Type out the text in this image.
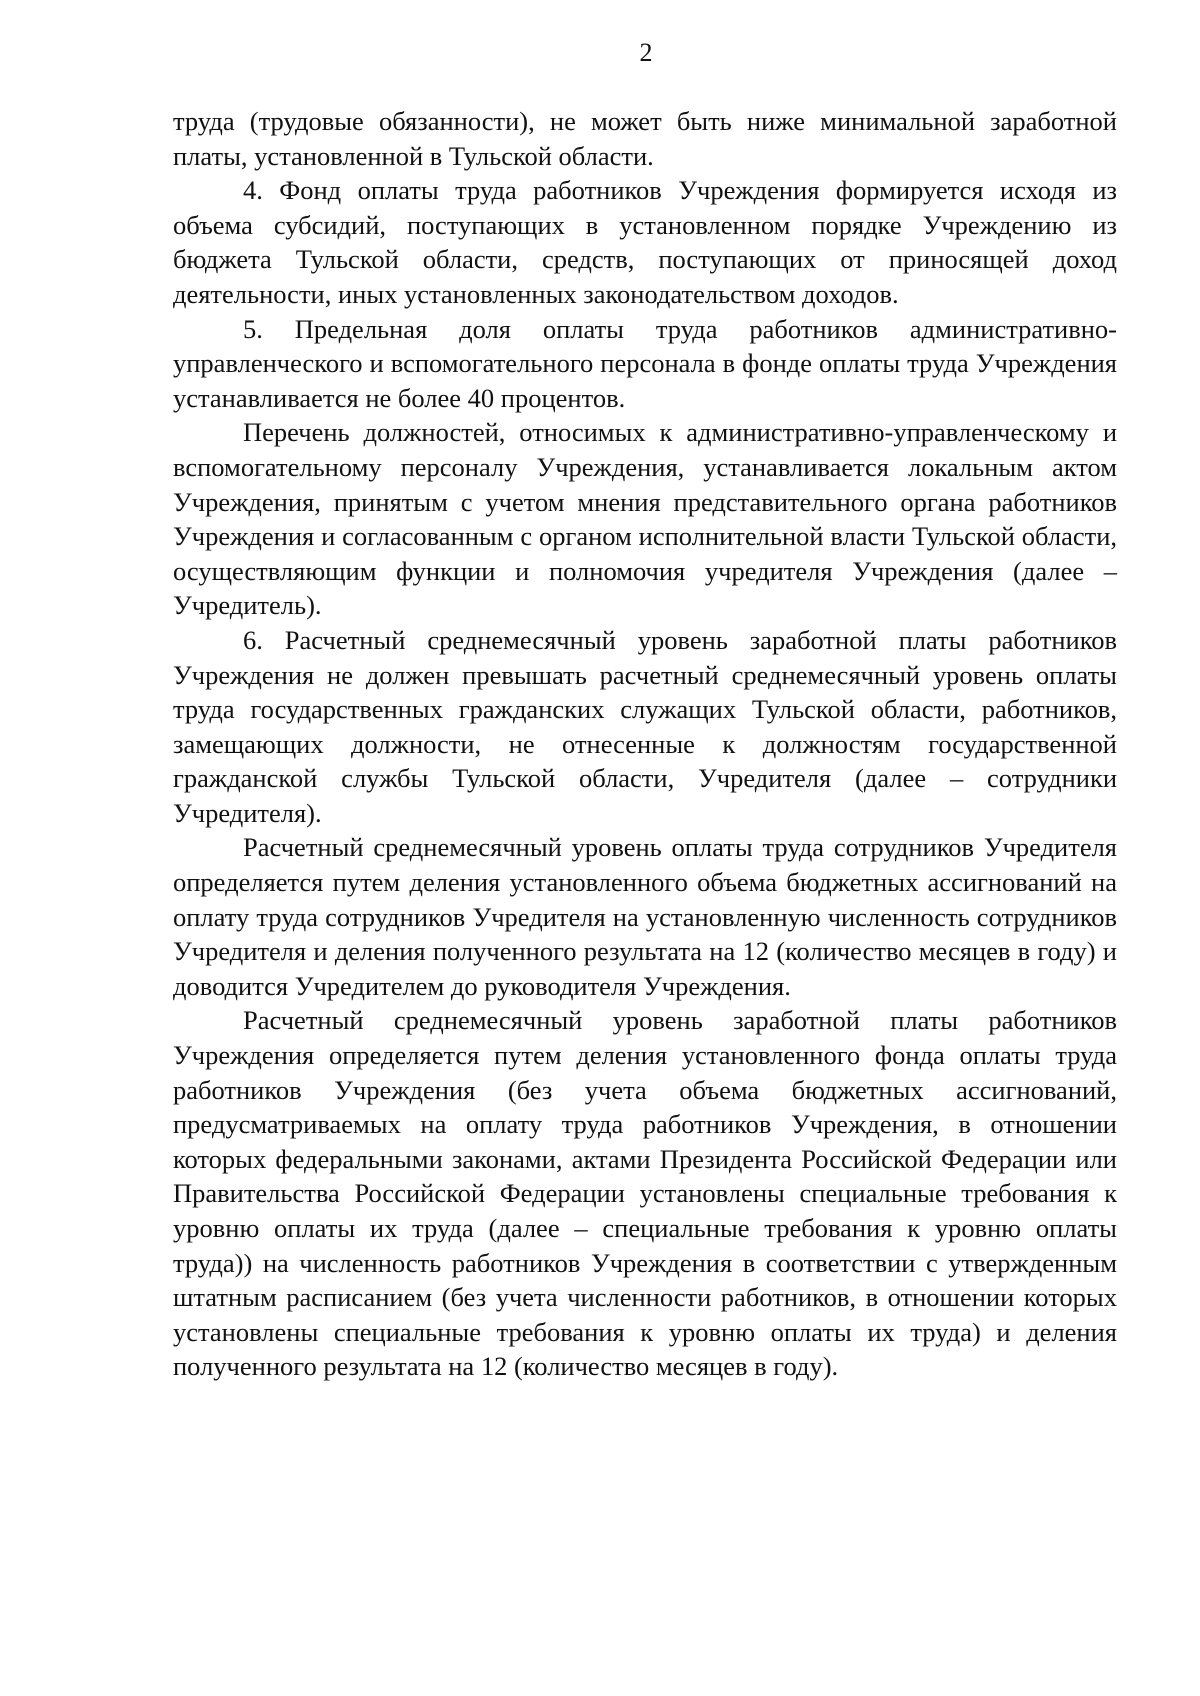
2

труда (трудовые обязанности), не может быть ниже минимальной заработной платы, установленной в Тульской области.

4. Фонд оплаты труда работников Учреждения формируется исходя из объема субсидий, поступающих в установленном порядке Учреждению из бюджета Тульской области, средств, поступающих от приносящей доход деятельности, иных установленных законодательством доходов.

5. Предельная доля оплаты труда работников административно-управленческого и вспомогательного персонала в фонде оплаты труда Учреждения устанавливается не более 40 процентов.

Перечень должностей, относимых к административно-управленческому и вспомогательному персоналу Учреждения, устанавливается локальным актом Учреждения, принятым с учетом мнения представительного органа работников Учреждения и согласованным с органом исполнительной власти Тульской области, осуществляющим функции и полномочия учредителя Учреждения (далее – Учредитель).

6. Расчетный среднемесячный уровень заработной платы работников Учреждения не должен превышать расчетный среднемесячный уровень оплаты труда государственных гражданских служащих Тульской области, работников, замещающих должности, не отнесенные к должностям государственной гражданской службы Тульской области, Учредителя (далее – сотрудники Учредителя).

Расчетный среднемесячный уровень оплаты труда сотрудников Учредителя определяется путем деления установленного объема бюджетных ассигнований на оплату труда сотрудников Учредителя на установленную численность сотрудников Учредителя и деления полученного результата на 12 (количество месяцев в году) и доводится Учредителем до руководителя Учреждения.

Расчетный среднемесячный уровень заработной платы работников Учреждения определяется путем деления установленного фонда оплаты труда работников Учреждения (без учета объема бюджетных ассигнований, предусматриваемых на оплату труда работников Учреждения, в отношении которых федеральными законами, актами Президента Российской Федерации или Правительства Российской Федерации установлены специальные требования к уровню оплаты их труда (далее – специальные требования к уровню оплаты труда)) на численность работников Учреждения в соответствии с утвержденным штатным расписанием (без учета численности работников, в отношении которых установлены специальные требования к уровню оплаты их труда) и деления полученного результата на 12 (количество месяцев в году).
